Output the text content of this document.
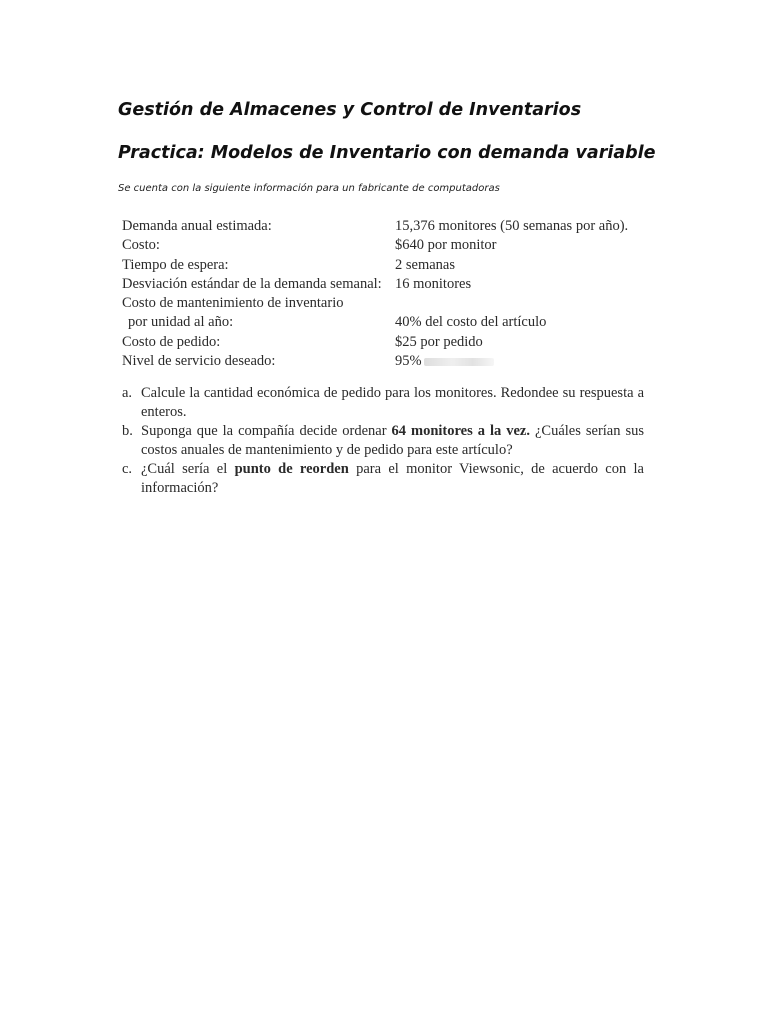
Gestión de Almacenes y Control de Inventarios
Practica: Modelos de Inventario con demanda variable
Se cuenta con la siguiente información para un fabricante de computadoras
Demanda anual estimada:	15,376 monitores (50 semanas por año).
Costo:	$640 por monitor
Tiempo de espera:	2 semanas
Desviación estándar de la demanda semanal: 16 monitores
Costo de mantenimiento de inventario
por unidad al año:	40% del costo del artículo
Costo de pedido:	$25 por pedido
Nivel de servicio deseado:	95%
a. Calcule la cantidad económica de pedido para los monitores. Redondee su respuesta a enteros.
b. Suponga que la compañía decide ordenar 64 monitores a la vez. ¿Cuáles serían sus costos anuales de mantenimiento y de pedido para este artículo?
c. ¿Cuál sería el punto de reorden para el monitor Viewsonic, de acuerdo con la información?
